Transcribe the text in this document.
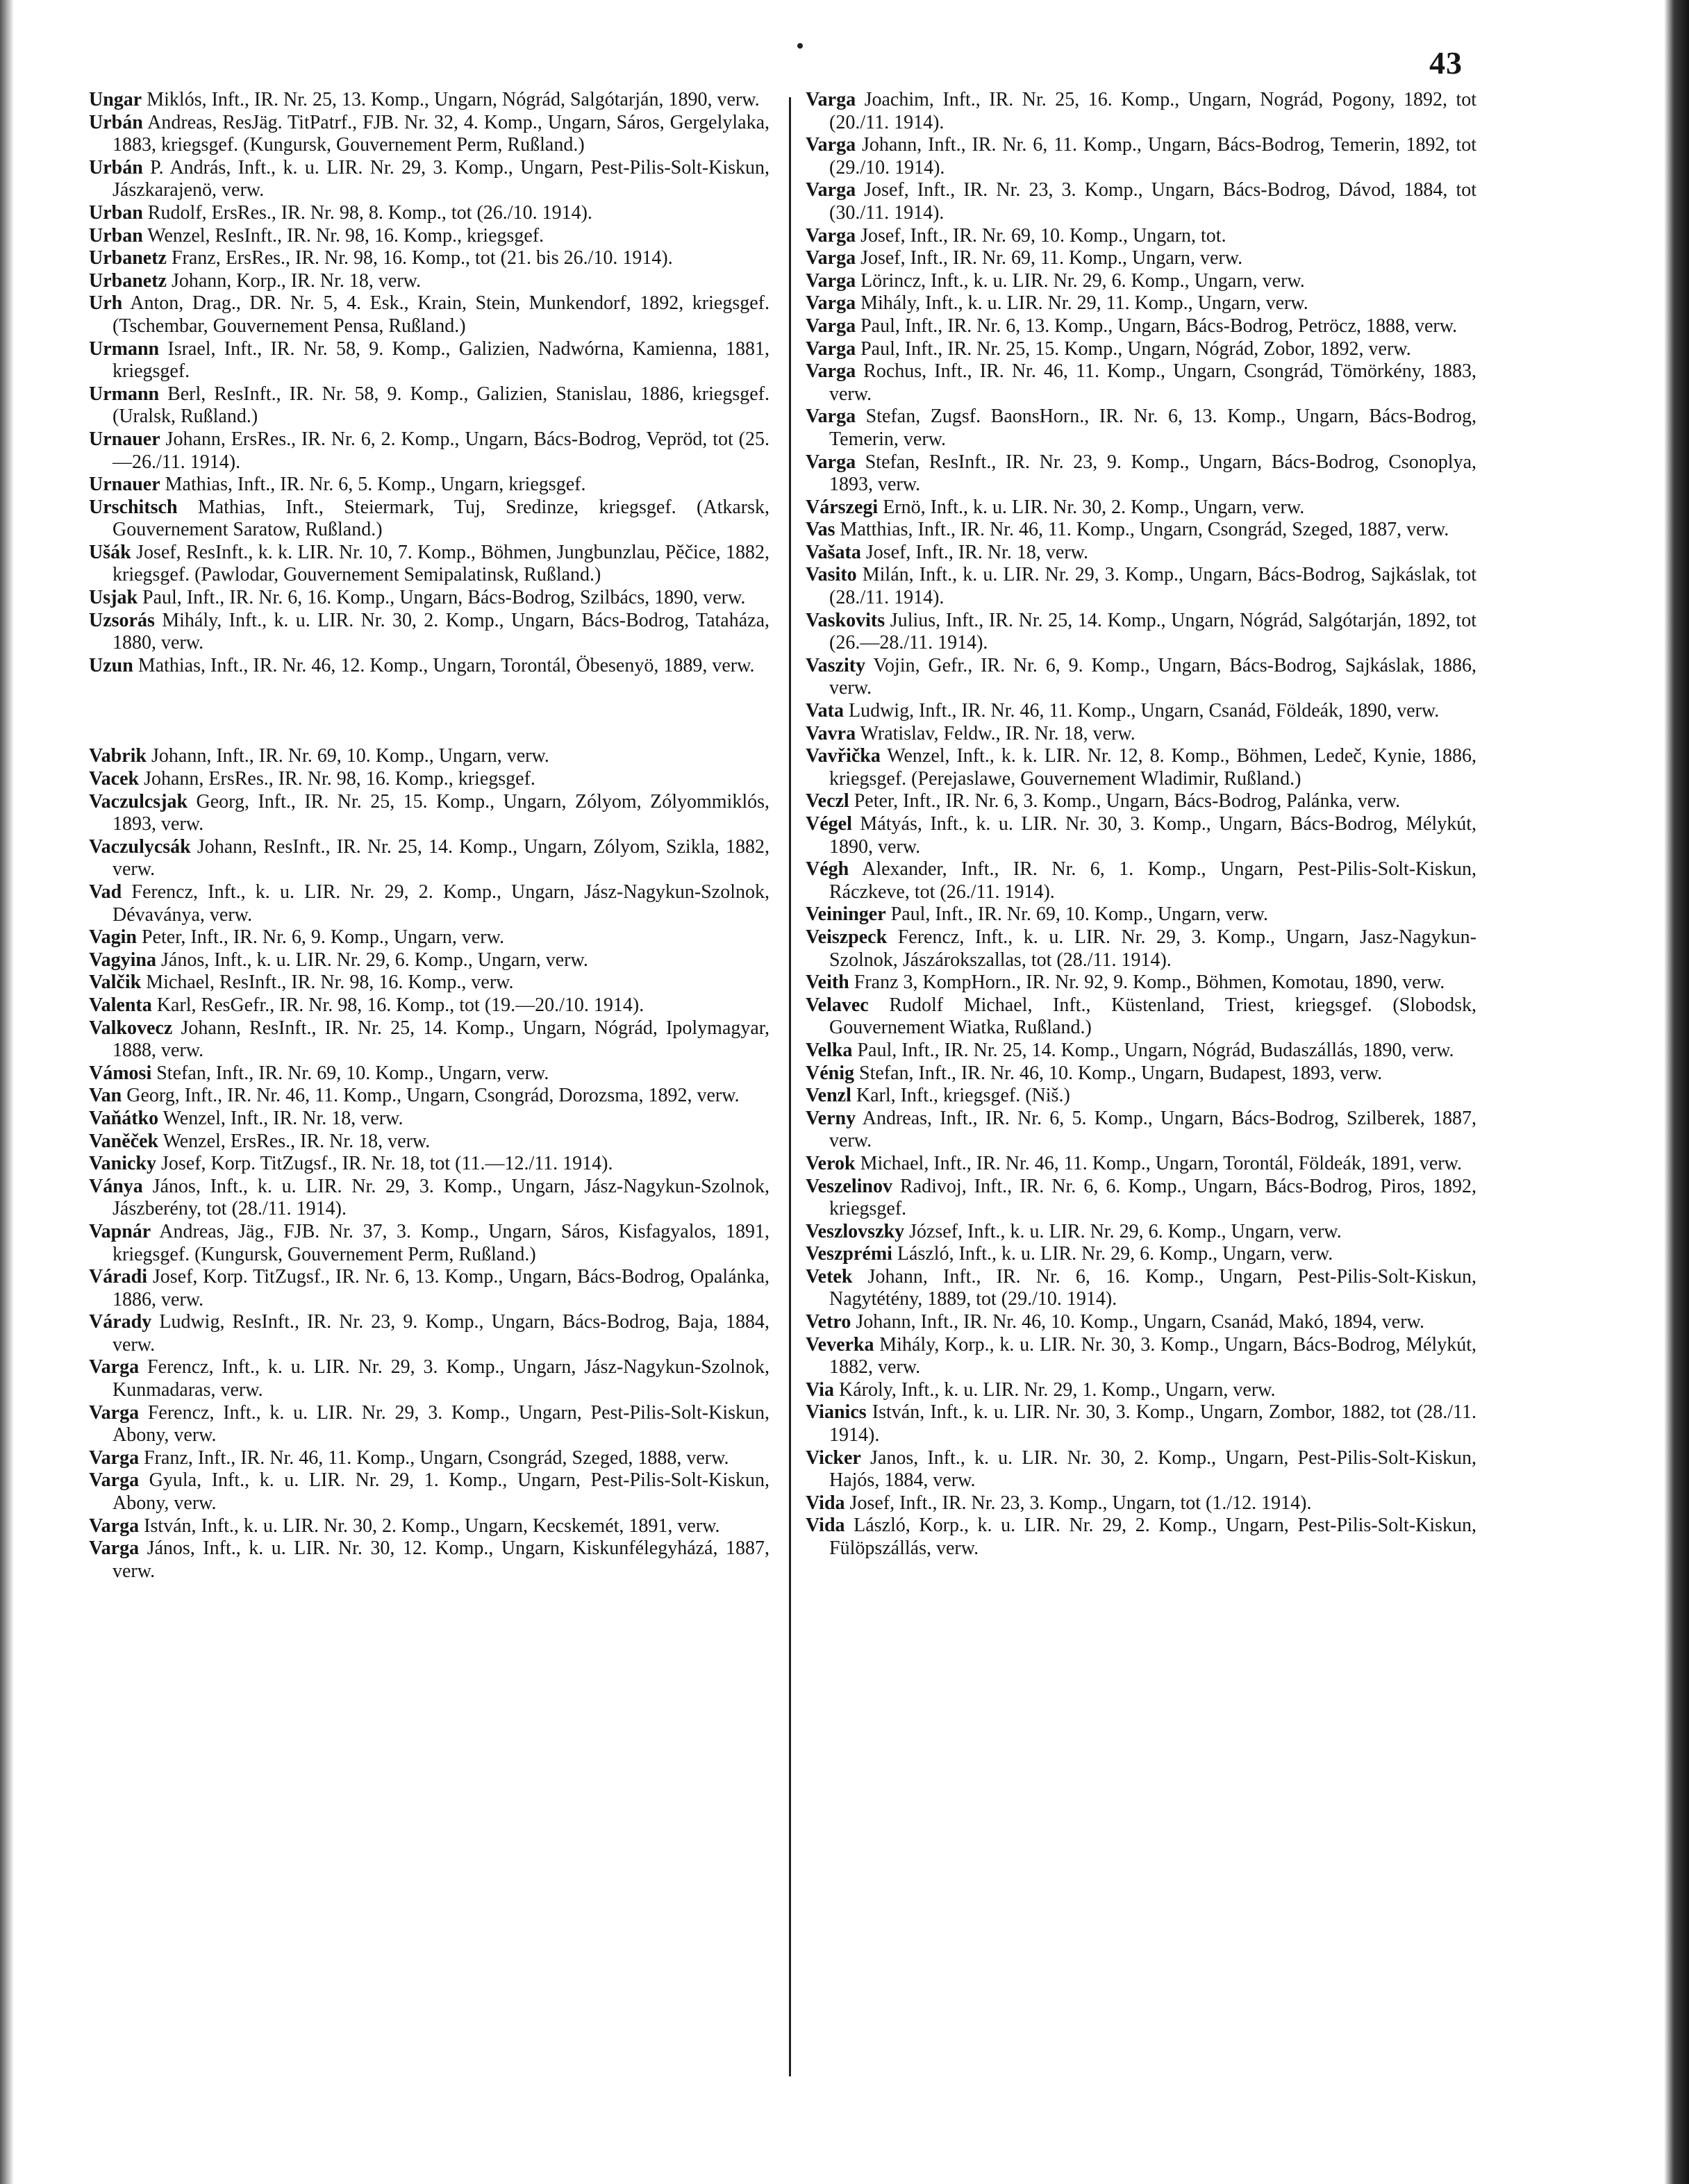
43

Ungar Miklós, Inft., IR. Nr. 25, 13. Komp., Ungarn, Nógrád, Salgótarján, 1890, verw.

Urbán Andreas, ResJäg. TitPatrf., FJB. Nr. 32, 4. Komp., Ungarn, Sáros, Gergelylaka, 1883, kriegsgef. (Kungursk, Gouvernement Perm, Rußland.)

Urbán P. András, Inft., k. u. LIR. Nr. 29, 3. Komp., Ungarn, Pest-Pilis-Solt-Kiskun, Jászkarajenö, verw.

Urban Rudolf, ErsRes., IR. Nr. 98, 8. Komp., tot (26./10. 1914).

Urban Wenzel, ResInft., IR. Nr. 98, 16. Komp., kriegsgef.

Urbanetz Franz, ErsRes., IR. Nr. 98, 16. Komp., tot (21. bis 26./10. 1914).

Urbanetz Johann, Korp., IR. Nr. 18, verw.

Urh Anton, Drag., DR. Nr. 5, 4. Esk., Krain, Stein, Munkendorf, 1892, kriegsgef. (Tschembar, Gouvernement Pensa, Rußland.)

Urmann Israel, Inft., IR. Nr. 58, 9. Komp., Galizien, Nadwórna, Kamienna, 1881, kriegsgef.

Urmann Berl, ResInft., IR. Nr. 58, 9. Komp., Galizien, Stanislau, 1886, kriegsgef. (Uralsk, Rußland.)

Urnauer Johann, ErsRes., IR. Nr. 6, 2. Komp., Ungarn, Bács-Bodrog, Vepröd, tot (25.—26./11. 1914).

Urnauer Mathias, Inft., IR. Nr. 6, 5. Komp., Ungarn, kriegsgef.

Urschitsch Mathias, Inft., Steiermark, Tuj, Sredinze, kriegsgef. (Atkarsk, Gouvernement Saratow, Rußland.)

Ušák Josef, ResInft., k. k. LIR. Nr. 10, 7. Komp., Böhmen, Jungbunzlau, Pěčice, 1882, kriegsgef. (Pawlodar, Gouvernement Semipalatinsk, Rußland.)

Usjak Paul, Inft., IR. Nr. 6, 16. Komp., Ungarn, Bács-Bodrog, Szilbács, 1890, verw.

Uzsorás Mihály, Inft., k. u. LIR. Nr. 30, 2. Komp., Ungarn, Bács-Bodrog, Tataháza, 1880, verw.

Uzun Mathias, Inft., IR. Nr. 46, 12. Komp., Ungarn, Torontál, Öbesenyö, 1889, verw.

Vabrik Johann, Inft., IR. Nr. 69, 10. Komp., Ungarn, verw.

Vacek Johann, ErsRes., IR. Nr. 98, 16. Komp., kriegsgef.

Vaczulcsjak Georg, Inft., IR. Nr. 25, 15. Komp., Ungarn, Zólyom, Zólyommiklós, 1893, verw.

Vaczulycsák Johann, ResInft., IR. Nr. 25, 14. Komp., Ungarn, Zólyom, Szikla, 1882, verw.

Vad Ferencz, Inft., k. u. LIR. Nr. 29, 2. Komp., Ungarn, Jász-Nagykun-Szolnok, Dévaványa, verw.

Vagin Peter, Inft., IR. Nr. 6, 9. Komp., Ungarn, verw.

Vagyina János, Inft., k. u. LIR. Nr. 29, 6. Komp., Ungarn, verw.

Valčik Michael, ResInft., IR. Nr. 98, 16. Komp., verw.

Valenta Karl, ResGefr., IR. Nr. 98, 16. Komp., tot (19.—20./10. 1914).

Valkovecz Johann, ResInft., IR. Nr. 25, 14. Komp., Ungarn, Nógrád, Ipolymagyar, 1888, verw.

Vámosi Stefan, Inft., IR. Nr. 69, 10. Komp., Ungarn, verw.

Van Georg, Inft., IR. Nr. 46, 11. Komp., Ungarn, Csongrád, Dorozsma, 1892, verw.

Vaňátko Wenzel, Inft., IR. Nr. 18, verw.

Vaněček Wenzel, ErsRes., IR. Nr. 18, verw.

Vanicky Josef, Korp. TitZugsf., IR. Nr. 18, tot (11.—12./11. 1914).

Ványa János, Inft., k. u. LIR. Nr. 29, 3. Komp., Ungarn, Jász-Nagykun-Szolnok, Jászberény, tot (28./11. 1914).

Vapnár Andreas, Jäg., FJB. Nr. 37, 3. Komp., Ungarn, Sáros, Kisfagyalos, 1891, kriegsgef. (Kungursk, Gouvernement Perm, Rußland.)

Váradi Josef, Korp. TitZugsf., IR. Nr. 6, 13. Komp., Ungarn, Bács-Bodrog, Opalánka, 1886, verw.

Várady Ludwig, ResInft., IR. Nr. 23, 9. Komp., Ungarn, Bács-Bodrog, Baja, 1884, verw.

Varga Ferencz, Inft., k. u. LIR. Nr. 29, 3. Komp., Ungarn, Jász-Nagykun-Szolnok, Kunmadaras, verw.

Varga Ferencz, Inft., k. u. LIR. Nr. 29, 3. Komp., Ungarn, Pest-Pilis-Solt-Kiskun, Abony, verw.

Varga Franz, Inft., IR. Nr. 46, 11. Komp., Ungarn, Csongrád, Szeged, 1888, verw.

Varga Gyula, Inft., k. u. LIR. Nr. 29, 1. Komp., Ungarn, Pest-Pilis-Solt-Kiskun, Abony, verw.

Varga István, Inft., k. u. LIR. Nr. 30, 2. Komp., Ungarn, Kecskemét, 1891, verw.

Varga János, Inft., k. u. LIR. Nr. 30, 12. Komp., Ungarn, Kiskunfélegyházá, 1887, verw.

Varga Joachim, Inft., IR. Nr. 25, 16. Komp., Ungarn, Nográd, Pogony, 1892, tot (20./11. 1914).

Varga Johann, Inft., IR. Nr. 6, 11. Komp., Ungarn, Bács-Bodrog, Temerin, 1892, tot (29./10. 1914).

Varga Josef, Inft., IR. Nr. 23, 3. Komp., Ungarn, Bács-Bodrog, Dávod, 1884, tot (30./11. 1914).

Varga Josef, Inft., IR. Nr. 69, 10. Komp., Ungarn, tot.

Varga Josef, Inft., IR. Nr. 69, 11. Komp., Ungarn, verw.

Varga Lörincz, Inft., k. u. LIR. Nr. 29, 6. Komp., Ungarn, verw.

Varga Mihály, Inft., k. u. LIR. Nr. 29, 11. Komp., Ungarn, verw.

Varga Paul, Inft., IR. Nr. 6, 13. Komp., Ungarn, Bács-Bodrog, Petröcz, 1888, verw.

Varga Paul, Inft., IR. Nr. 25, 15. Komp., Ungarn, Nógrád, Zobor, 1892, verw.

Varga Rochus, Inft., IR. Nr. 46, 11. Komp., Ungarn, Csongrád, Tömörkény, 1883, verw.

Varga Stefan, Zugsf. BaonsHorn., IR. Nr. 6, 13. Komp., Ungarn, Bács-Bodrog, Temerin, verw.

Varga Stefan, ResInft., IR. Nr. 23, 9. Komp., Ungarn, Bács-Bodrog, Csonoplya, 1893, verw.

Várszegi Ernö, Inft., k. u. LIR. Nr. 30, 2. Komp., Ungarn, verw.

Vas Matthias, Inft., IR. Nr. 46, 11. Komp., Ungarn, Csongrád, Szeged, 1887, verw.

Vašata Josef, Inft., IR. Nr. 18, verw.

Vasito Milán, Inft., k. u. LIR. Nr. 29, 3. Komp., Ungarn, Bács-Bodrog, Sajkáslak, tot (28./11. 1914).

Vaskovits Julius, Inft., IR. Nr. 25, 14. Komp., Ungarn, Nógrád, Salgótarján, 1892, tot (26.—28./11. 1914).

Vaszity Vojin, Gefr., IR. Nr. 6, 9. Komp., Ungarn, Bács-Bodrog, Sajkáslak, 1886, verw.

Vata Ludwig, Inft., IR. Nr. 46, 11. Komp., Ungarn, Csanád, Földeák, 1890, verw.

Vavra Wratislav, Feldw., IR. Nr. 18, verw.

Vavřička Wenzel, Inft., k. k. LIR. Nr. 12, 8. Komp., Böhmen, Ledeč, Kynie, 1886, kriegsgef. (Perejaslawe, Gouvernement Wladimir, Rußland.)

Veczl Peter, Inft., IR. Nr. 6, 3. Komp., Ungarn, Bács-Bodrog, Palánka, verw.

Végel Mátyás, Inft., k. u. LIR. Nr. 30, 3. Komp., Ungarn, Bács-Bodrog, Mélykút, 1890, verw.

Végh Alexander, Inft., IR. Nr. 6, 1. Komp., Ungarn, Pest-Pilis-Solt-Kiskun, Ráczkeve, tot (26./11. 1914).

Veininger Paul, Inft., IR. Nr. 69, 10. Komp., Ungarn, verw.

Veiszpeck Ferencz, Inft., k. u. LIR. Nr. 29, 3. Komp., Ungarn, Jasz-Nagykun-Szolnok, Jászárokszallas, tot (28./11. 1914).

Veith Franz 3, KompHorn., IR. Nr. 92, 9. Komp., Böhmen, Komotau, 1890, verw.

Velavec Rudolf Michael, Inft., Küstenland, Triest, kriegsgef. (Slobodsk, Gouvernement Wiatka, Rußland.)

Velka Paul, Inft., IR. Nr. 25, 14. Komp., Ungarn, Nógrád, Budaszállás, 1890, verw.

Vénig Stefan, Inft., IR. Nr. 46, 10. Komp., Ungarn, Budapest, 1893, verw.

Venzl Karl, Inft., kriegsgef. (Niš.)

Verny Andreas, Inft., IR. Nr. 6, 5. Komp., Ungarn, Bács-Bodrog, Szilberek, 1887, verw.

Verok Michael, Inft., IR. Nr. 46, 11. Komp., Ungarn, Torontál, Földeák, 1891, verw.

Veszelinov Radivoj, Inft., IR. Nr. 6, 6. Komp., Ungarn, Bács-Bodrog, Piros, 1892, kriegsgef.

Veszlovszky József, Inft., k. u. LIR. Nr. 29, 6. Komp., Ungarn, verw.

Veszprémi László, Inft., k. u. LIR. Nr. 29, 6. Komp., Ungarn, verw.

Vetek Johann, Inft., IR. Nr. 6, 16. Komp., Ungarn, Pest-Pilis-Solt-Kiskun, Nagytétény, 1889, tot (29./10. 1914).

Vetro Johann, Inft., IR. Nr. 46, 10. Komp., Ungarn, Csanád, Makó, 1894, verw.

Veverka Mihály, Korp., k. u. LIR. Nr. 30, 3. Komp., Ungarn, Bács-Bodrog, Mélykút, 1882, verw.

Via Károly, Inft., k. u. LIR. Nr. 29, 1. Komp., Ungarn, verw.

Vianics István, Inft., k. u. LIR. Nr. 30, 3. Komp., Ungarn, Zombor, 1882, tot (28./11. 1914).

Vicker Janos, Inft., k. u. LIR. Nr. 30, 2. Komp., Ungarn, Pest-Pilis-Solt-Kiskun, Hajós, 1884, verw.

Vida Josef, Inft., IR. Nr. 23, 3. Komp., Ungarn, tot (1./12. 1914).

Vida László, Korp., k. u. LIR. Nr. 29, 2. Komp., Ungarn, Pest-Pilis-Solt-Kiskun, Fülöpszállás, verw.
